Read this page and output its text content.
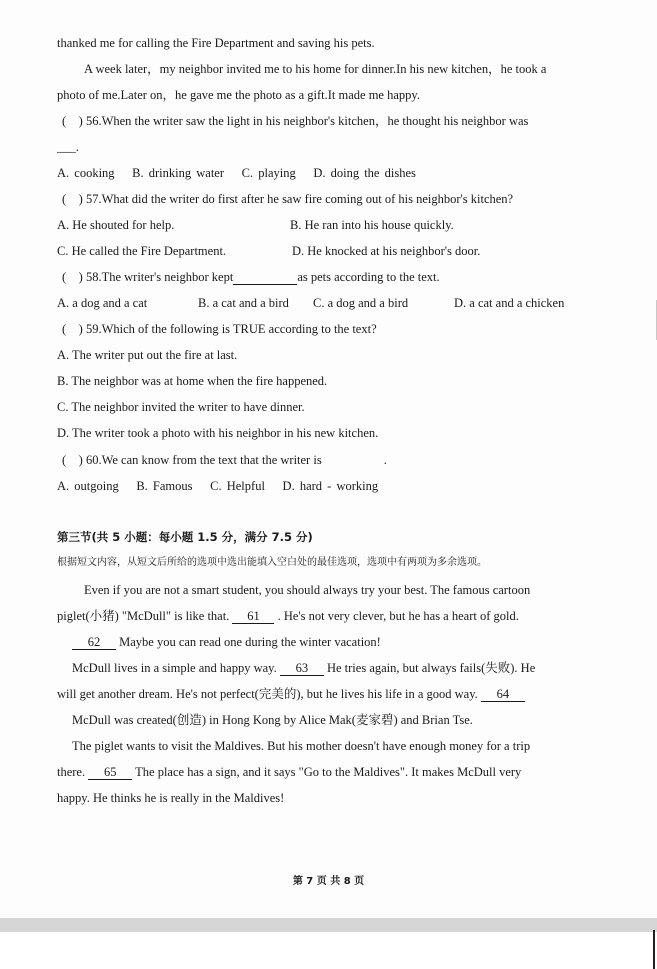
thanked me for calling the Fire Department and saving his pets.
A week later，my neighbor invited me to his home for dinner.In his new kitchen，he took a
photo of me.Later on，he gave me the photo as a gift.It made me happy.
(　) 56.When the writer saw the light in his neighbor's kitchen，he thought his neighbor was
___.
A. cooking　 B. drinking water　 C. playing　 D. doing the dishes
(　) 57.What did the writer do first after he saw fire coming out of his neighbor's kitchen?
A. He shouted for help.	B. He ran into his house quickly.
C. He called the Fire Department.	D. He knocked at his neighbor's door.
(　) 58.The writer's neighbor kept	as pets according to the text.
A. a dog and a cat	B. a cat and a bird C. a dog and a bird	D. a cat and a chicken
(　) 59.Which of the following is TRUE according to the text?
A. The writer put out the fire at last.
B. The neighbor was at home when the fire happened.
C. The neighbor invited the writer to have dinner.
D. The writer took a photo with his neighbor in his new kitchen.
(　) 60.We can know from the text that the writer is	.
A. outgoing　 B. Famous　 C. Helpful　 D. hard - working
第三节(共 5 小题：每小题 1.5 分，满分 7.5 分)
根据短文内容，从短文后所给的选项中选出能填入空白处的最佳选项，选项中有两项为多余选项。
Even if you are not a smart student, you should always try your best. The famous cartoon
piglet(小猪) "McDull" is like that. 61 . He's not very clever, but he has a heart of gold.
62 Maybe you can read one during the winter vacation!
McDull lives in a simple and happy way. 63 He tries again, but always fails(失败). He
will get another dream. He's not perfect(完美的), but he lives his life in a good way. 64
McDull was created(创造) in Hong Kong by Alice Mak(麦家碧) and Brian Tse.
The piglet wants to visit the Maldives. But his mother doesn't have enough money for a trip
there. 65 The place has a sign, and it says "Go to the Maldives". It makes McDull very
happy. He thinks he is really in the Maldives!
第 7 页 共 8 页
